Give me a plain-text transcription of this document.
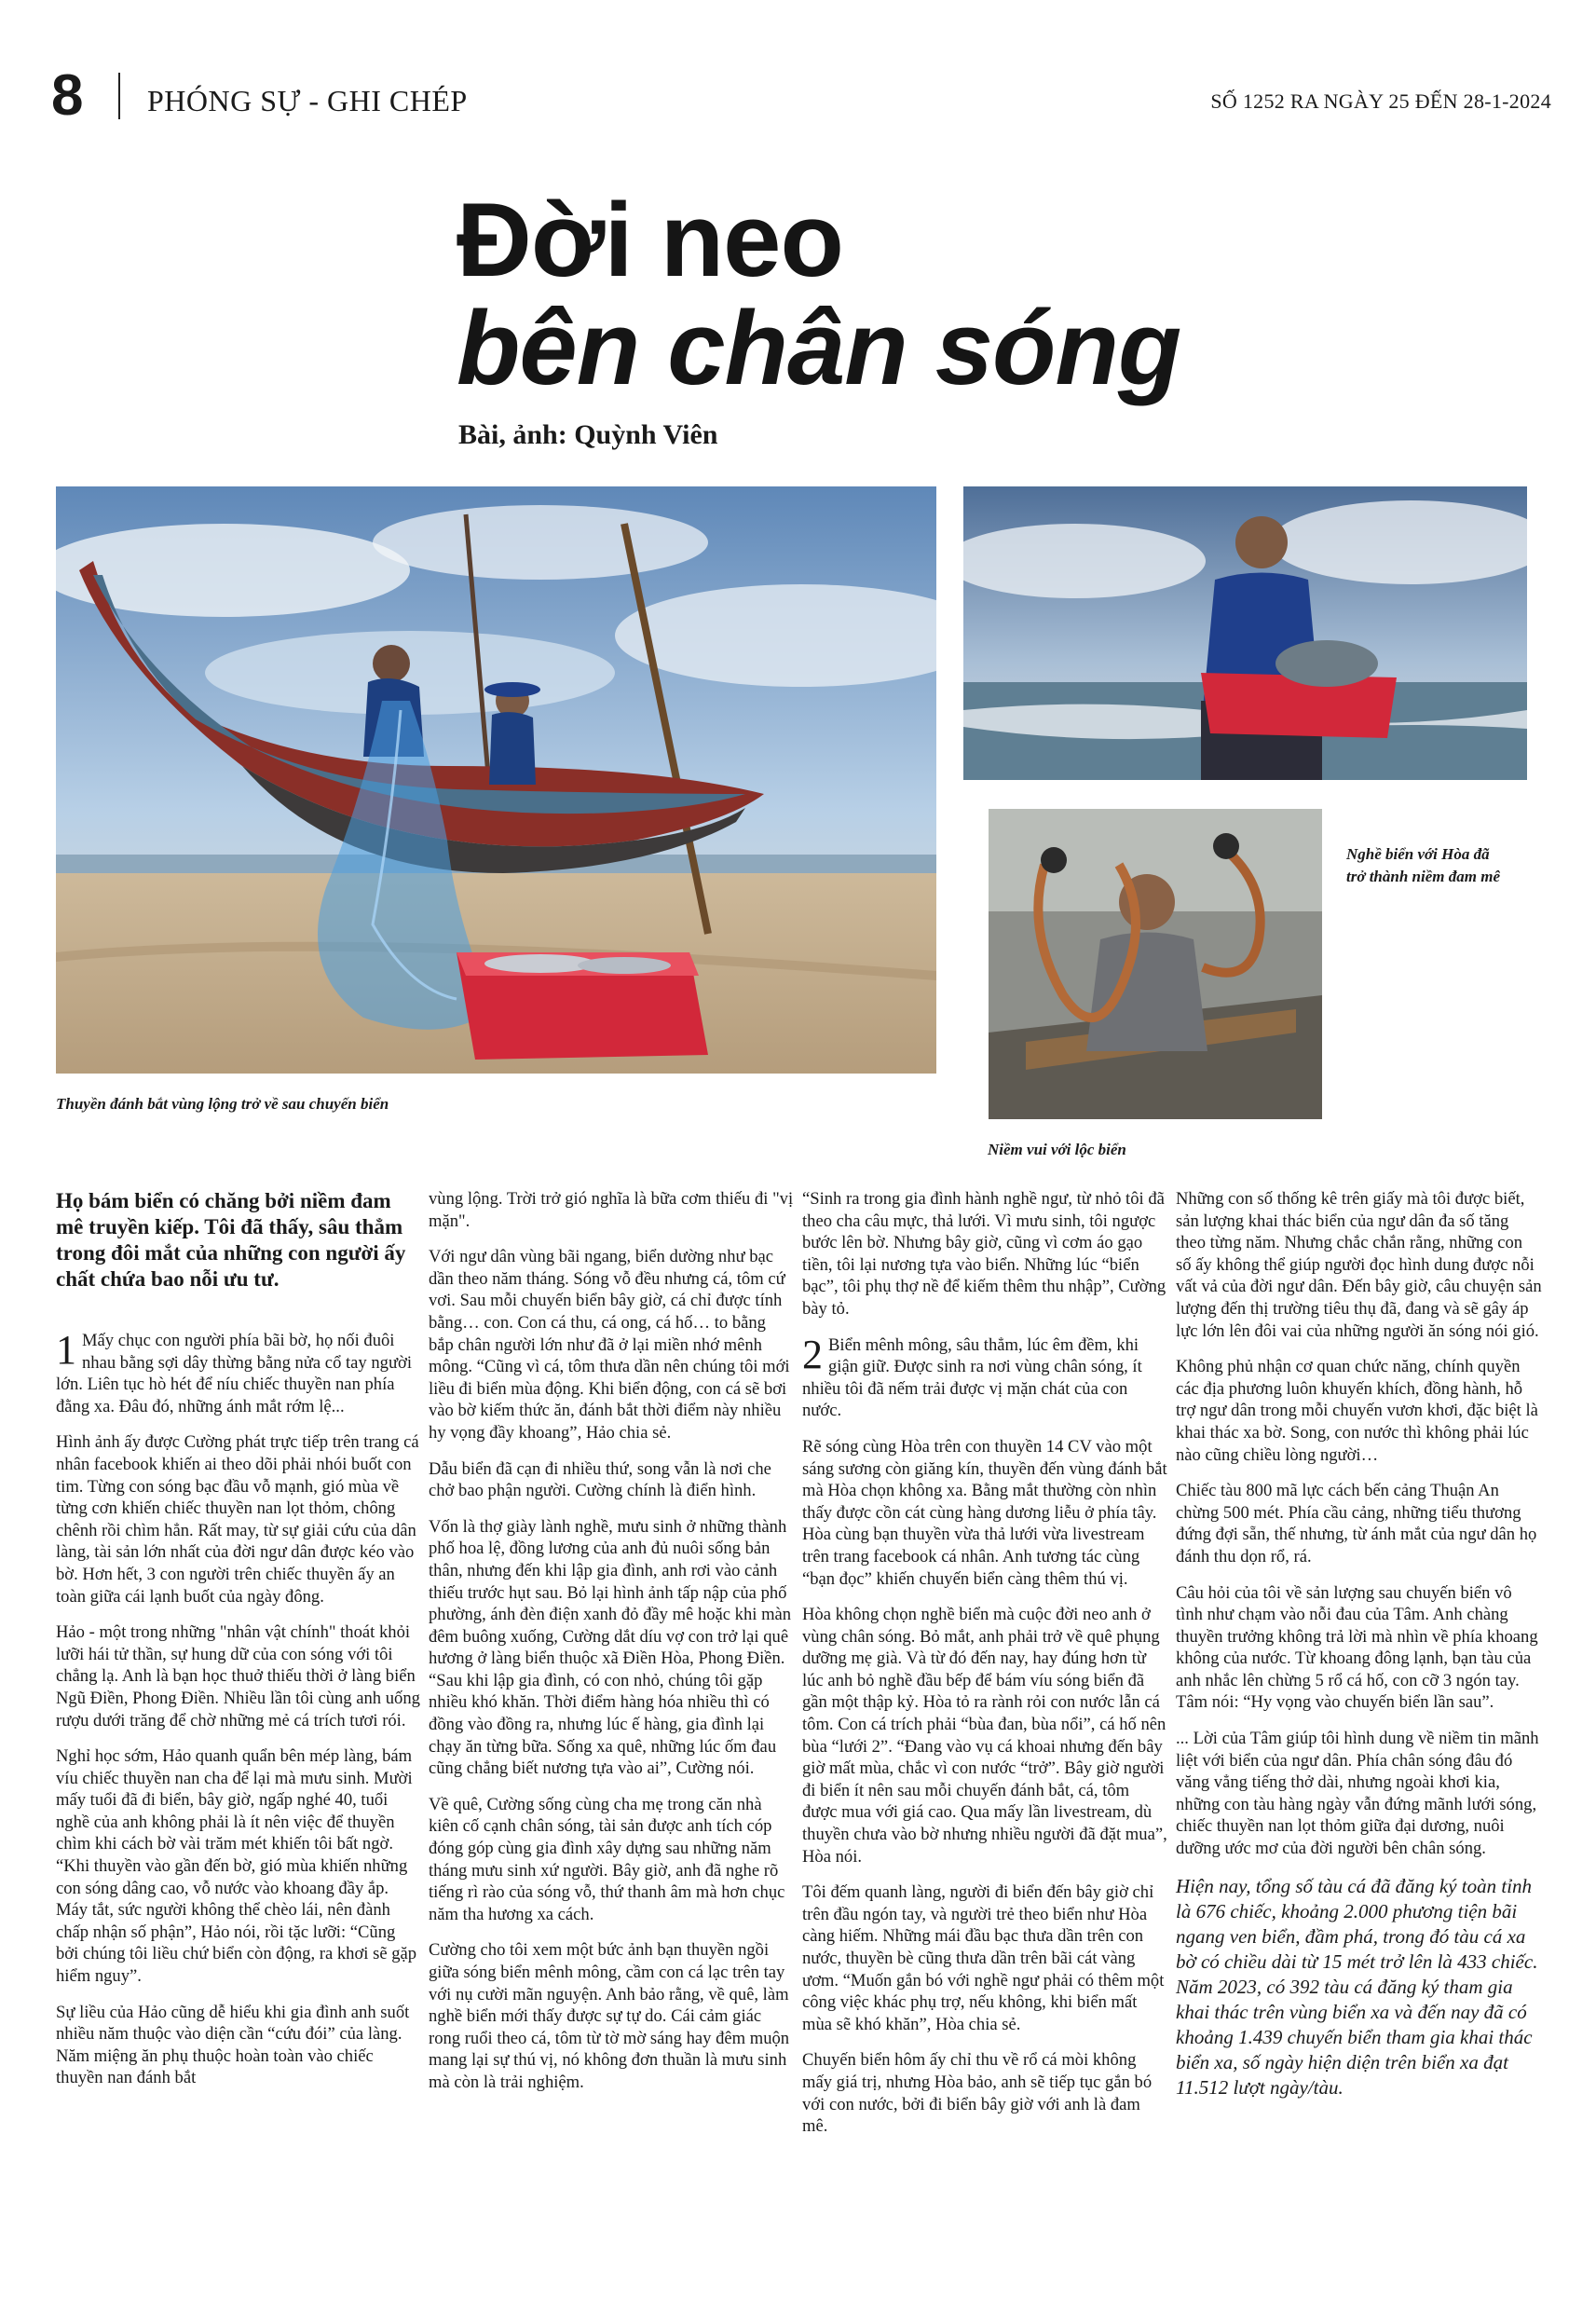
8 PHÓNG SỰ - GHI CHÉP	SỐ 1252 RA NGÀY 25 ĐẾN 28-1-2024
Đời neo
bên chân sóng
Bài, ảnh: Quỳnh Viên
Thuyền đánh bắt vùng lộng trở về sau chuyến biển
Nghề biển với Hòa đã trở thành niềm đam mê
Niềm vui với lộc biển

Họ bám biển có chăng bởi niềm đam mê truyền kiếp. Tôi đã thấy, sâu thẳm trong đôi mắt của những con người ấy chất chứa bao nỗi ưu tư.

1 Mấy chục con người phía bãi bờ, họ nối đuôi nhau bằng sợi dây thừng bằng nửa cổ tay người lớn. Liên tục hò hét để níu chiếc thuyền nan phía đằng xa. Đâu đó, những ánh mắt rớm lệ...

Hình ảnh ấy được Cường phát trực tiếp trên trang cá nhân facebook khiến ai theo dõi phải nhói buốt con tim. Từng con sóng bạc đầu vỗ mạnh, gió mùa về từng cơn khiến chiếc thuyền nan lọt thỏm, chông chênh rồi chìm hẳn. Rất may, từ sự giải cứu của dân làng, tài sản lớn nhất của đời ngư dân được kéo vào bờ. Hơn hết, 3 con người trên chiếc thuyền ấy an toàn giữa cái lạnh buốt của ngày đông.

Hảo - một trong những "nhân vật chính" thoát khỏi lưỡi hái tử thần, sự hung dữ của con sóng với tôi chẳng lạ. Anh là bạn học thuở thiếu thời ở làng biển Ngũ Điền, Phong Điền. Nhiều lần tôi cùng anh uống rượu dưới trăng để chờ những mẻ cá trích tươi rói.

Nghỉ học sớm, Hảo quanh quẩn bên mép làng, bám víu chiếc thuyền nan cha để lại mà mưu sinh. Mười mấy tuổi đã đi biển, bây giờ, ngấp nghé 40, tuổi nghề của anh không phải là ít nên việc để thuyền chìm khi cách bờ vài trăm mét khiến tôi bất ngờ. “Khi thuyền vào gần đến bờ, gió mùa khiến những con sóng dâng cao, vỗ nước vào khoang đầy ắp. Máy tắt, sức người không thể chèo lái, nên đành chấp nhận số phận”, Hảo nói, rồi tặc lưỡi: “Cũng bởi chúng tôi liều chứ biển còn động, ra khơi sẽ gặp hiểm nguy”.

Sự liều của Hảo cũng dễ hiểu khi gia đình anh suốt nhiều năm thuộc vào diện cần “cứu đói” của làng. Năm miệng ăn phụ thuộc hoàn toàn vào chiếc thuyền nan đánh bắt

vùng lộng. Trời trở gió nghĩa là bữa cơm thiếu đi "vị mặn".

Với ngư dân vùng bãi ngang, biển dường như bạc dần theo năm tháng. Sóng vỗ đều nhưng cá, tôm cứ vơi. Sau mỗi chuyến biển bây giờ, cá chỉ được tính bằng… con. Con cá thu, cá ong, cá hố… to bằng bắp chân người lớn như đã ở lại miền nhớ mênh mông. “Cũng vì cá, tôm thưa dần nên chúng tôi mới liều đi biển mùa động. Khi biển động, con cá sẽ bơi vào bờ kiếm thức ăn, đánh bắt thời điểm này nhiều hy vọng đầy khoang”, Hảo chia sẻ.

Dẫu biển đã cạn đi nhiều thứ, song vẫn là nơi che chở bao phận người. Cường chính là điển hình.

Vốn là thợ giày lành nghề, mưu sinh ở những thành phố hoa lệ, đồng lương của anh đủ nuôi sống bản thân, nhưng đến khi lập gia đình, anh rơi vào cảnh thiếu trước hụt sau. Bỏ lại hình ảnh tấp nập của phố phường, ánh đèn điện xanh đỏ đầy mê hoặc khi màn đêm buông xuống, Cường dắt díu vợ con trở lại quê hương ở làng biển thuộc xã Điền Hòa, Phong Điền. “Sau khi lập gia đình, có con nhỏ, chúng tôi gặp nhiều khó khăn. Thời điểm hàng hóa nhiều thì có đồng vào đồng ra, nhưng lúc ế hàng, gia đình lại chạy ăn từng bữa. Sống xa quê, những lúc ốm đau cũng chẳng biết nương tựa vào ai”, Cường nói.

Về quê, Cường sống cùng cha mẹ trong căn nhà kiên cố cạnh chân sóng, tài sản được anh tích cóp đóng góp cùng gia đình xây dựng sau những năm tháng mưu sinh xứ người. Bây giờ, anh đã nghe rõ tiếng rì rào của sóng vỗ, thứ thanh âm mà hơn chục năm tha hương xa cách.

Cường cho tôi xem một bức ảnh bạn thuyền ngồi giữa sóng biển mênh mông, cầm con cá lạc trên tay với nụ cười mãn nguyện. Anh bảo rằng, về quê, làm nghề biển mới thấy được sự tự do. Cái cảm giác rong ruổi theo cá, tôm từ tờ mờ sáng hay đêm muộn mang lại sự thú vị, nó không đơn thuần là mưu sinh mà còn là trải nghiệm.

“Sinh ra trong gia đình hành nghề ngư, từ nhỏ tôi đã theo cha câu mực, thả lưới. Vì mưu sinh, tôi ngược bước lên bờ. Nhưng bây giờ, cũng vì cơm áo gạo tiền, tôi lại nương tựa vào biển. Những lúc “biển bạc”, tôi phụ thợ nề để kiếm thêm thu nhập”, Cường bày tỏ.

2 Biển mênh mông, sâu thẳm, lúc êm đềm, khi giận giữ. Được sinh ra nơi vùng chân sóng, ít nhiều tôi đã nếm trải được vị mặn chát của con nước.

Rẽ sóng cùng Hòa trên con thuyền 14 CV vào một sáng sương còn giăng kín, thuyền đến vùng đánh bắt mà Hòa chọn không xa. Bằng mắt thường còn nhìn thấy được cồn cát cùng hàng dương liễu ở phía tây. Hòa cùng bạn thuyền vừa thả lưới vừa livestream trên trang facebook cá nhân. Anh tương tác cùng “bạn đọc” khiến chuyến biển càng thêm thú vị.

Hòa không chọn nghề biển mà cuộc đời neo anh ở vùng chân sóng. Bỏ mắt, anh phải trở về quê phụng dưỡng mẹ già. Và từ đó đến nay, hay đúng hơn từ lúc anh bỏ nghề đầu bếp để bám víu sóng biển đã gần một thập kỷ. Hòa tỏ ra rành rỏi con nước lẫn cá tôm. Con cá trích phải “bùa đan, bùa nổi”, cá hố nên bùa “lưới 2”. “Đang vào vụ cá khoai nhưng đến bây giờ mất mùa, chắc vì con nước “trở”. Bây giờ người đi biển ít nên sau mỗi chuyến đánh bắt, cá, tôm được mua với giá cao. Qua mấy lần livestream, dù thuyền chưa vào bờ nhưng nhiều người đã đặt mua”, Hòa nói.

Tôi đếm quanh làng, người đi biển đến bây giờ chỉ trên đầu ngón tay, và người trẻ theo biển như Hòa càng hiếm. Những mái đầu bạc thưa dần trên con nước, thuyền bè cũng thưa dần trên bãi cát vàng ươm. “Muốn gắn bó với nghề ngư phải có thêm một công việc khác phụ trợ, nếu không, khi biển mất mùa sẽ khó khăn”, Hòa chia sẻ.

Chuyến biển hôm ấy chỉ thu về rổ cá mòi không mấy giá trị, nhưng Hòa bảo, anh sẽ tiếp tục gắn bó với con nước, bởi đi biển bây giờ với anh là đam mê.

Những con số thống kê trên giấy mà tôi được biết, sản lượng khai thác biển của ngư dân đa số tăng theo từng năm. Nhưng chắc chắn rằng, những con số ấy không thể giúp người đọc hình dung được nỗi vất vả của đời ngư dân. Đến bây giờ, câu chuyện sản lượng đến thị trường tiêu thụ đã, đang và sẽ gây áp lực lớn lên đôi vai của những người ăn sóng nói gió.

Không phủ nhận cơ quan chức năng, chính quyền các địa phương luôn khuyến khích, đồng hành, hỗ trợ ngư dân trong mỗi chuyến vươn khơi, đặc biệt là khai thác xa bờ. Song, con nước thì không phải lúc nào cũng chiều lòng người…

Chiếc tàu 800 mã lực cách bến cảng Thuận An chừng 500 mét. Phía cầu cảng, những tiểu thương đứng đợi sẵn, thế nhưng, từ ánh mắt của ngư dân họ đánh thu dọn rổ, rá.

Câu hỏi của tôi về sản lượng sau chuyến biển vô tình như chạm vào nỗi đau của Tâm. Anh chàng thuyền trưởng không trả lời mà nhìn về phía khoang không của nước. Từ khoang đông lạnh, bạn tàu của anh nhắc lên chừng 5 rổ cá hố, con cỡ 3 ngón tay. Tâm nói: “Hy vọng vào chuyến biển lần sau”.

... Lời của Tâm giúp tôi hình dung về niềm tin mãnh liệt với biển của ngư dân. Phía chân sóng đâu đó văng vẳng tiếng thở dài, nhưng ngoài khơi kia, những con tàu hàng ngày vẫn đứng mãnh lưới sóng, chiếc thuyền nan lọt thỏm giữa đại dương, nuôi dưỡng ước mơ của đời người bên chân sóng.

Hiện nay, tổng số tàu cá đã đăng ký toàn tỉnh là 676 chiếc, khoảng 2.000 phương tiện bãi ngang ven biển, đầm phá, trong đó tàu cá xa bờ có chiều dài từ 15 mét trở lên là 433 chiếc. Năm 2023, có 392 tàu cá đăng ký tham gia khai thác trên vùng biển xa và đến nay đã có khoảng 1.439 chuyến biển tham gia khai thác biển xa, số ngày hiện diện trên biển xa đạt 11.512 lượt ngày/tàu.
